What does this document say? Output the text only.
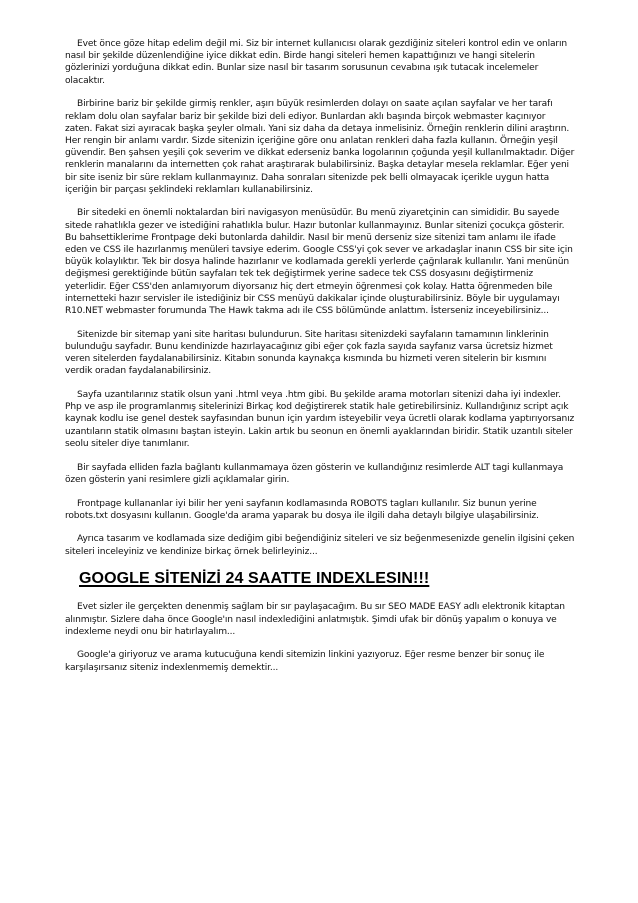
Evet önce göze hitap edelim değil mi. Siz bir internet kullanıcısı olarak gezdiğiniz siteleri kontrol edin ve onların nasıl bir şekilde düzenlendiğine iyice dikkat edin. Birde hangi siteleri hemen kapattığınızı ve hangi sitelerin gözlerinizi yorduğuna dikkat edin. Bunlar size nasıl bir tasarım sorusunun cevabına ışık tutacak incelemeler olacaktır.

Birbirine bariz bir şekilde girmiş renkler, aşırı büyük resimlerden dolayı on saate açılan sayfalar ve her tarafı reklam dolu olan sayfalar bariz bir şekilde bizi deli ediyor. Bunlardan aklı başında birçok webmaster kaçınıyor zaten. Fakat sizi ayıracak başka şeyler olmalı. Yani siz daha da detaya inmelisiniz. Örneğin renklerin dilini araştırın. Her rengin bir anlamı vardır. Sizde sitenizin içeriğine göre onu anlatan renkleri daha fazla kullanın. Örneğin yeşil güvendir. Ben şahsen yeşili çok severim ve dikkat ederseniz banka logolarının çoğunda yeşil kullanılmaktadır. Diğer renklerin manalarını da internetten çok rahat araştırarak bulabilirsiniz. Başka detaylar mesela reklamlar. Eğer yeni bir site iseniz bir süre reklam kullanmayınız. Daha sonraları sitenizde pek belli olmayacak içerikle uygun hatta içeriğin bir parçası şeklindeki reklamları kullanabilirsiniz.

Bir sitedeki en önemli noktalardan biri navigasyon menüsüdür. Bu menü ziyaretçinin can simididir. Bu sayede sitede rahatlıkla gezer ve istediğini rahatlıkla bulur. Hazır butonlar kullanmayınız. Bunlar sitenizi çocukça gösterir. Bu bahsettiklerime Frontpage deki butonlarda dahildir. Nasıl bir menü derseniz size sitenizi tam anlamı ile ifade eden ve CSS ile hazırlanmış menüleri tavsiye ederim. Google CSS'yi çok sever ve arkadaşlar inanın CSS bir site için büyük kolaylıktır. Tek bir dosya halinde hazırlanır ve kodlamada gerekli yerlerde çağrılarak kullanılır. Yani menünün değişmesi gerektiğinde bütün sayfaları tek tek değiştirmek yerine sadece tek CSS dosyasını değiştirmeniz yeterlidir. Eğer CSS'den anlamıyorum diyorsanız hiç dert etmeyin öğrenmesi çok kolay. Hatta öğrenmeden bile internetteki hazır servisler ile istediğiniz bir CSS menüyü dakikalar içinde oluşturabilirsiniz. Böyle bir uygulamayı R10.NET webmaster forumunda The Hawk takma adı ile CSS bölümünde anlattım. İsterseniz inceyebilirsiniz...

Sitenizde bir sitemap yani site haritası bulundurun. Site haritası sitenizdeki sayfaların tamamının linklerinin bulunduğu sayfadır. Bunu kendinizde hazırlayacağınız gibi eğer çok fazla sayıda sayfanız varsa ücretsiz hizmet veren sitelerden faydalanabilirsiniz. Kitabın sonunda kaynakça kısmında bu hizmeti veren sitelerin bir kısmını verdik oradan faydalanabilirsiniz.

Sayfa uzantılarınız statik olsun yani .html veya .htm gibi. Bu şekilde arama motorları sitenizi daha iyi indexler. Php ve asp ile programlanmış sitelerinizi Birkaç kod değiştirerek statik hale getirebilirsiniz. Kullandığınız script açık kaynak kodlu ise genel destek sayfasından bunun için yardım isteyebilir veya ücretli olarak kodlama yaptırıyorsanız uzantıların statik olmasını baştan isteyin. Lakin artık bu seonun en önemli ayaklarından biridir. Statik uzantılı siteler seolu siteler diye tanımlanır.

Bir sayfada elliden fazla bağlantı kullanmamaya özen gösterin ve kullandığınız resimlerde ALT tagi kullanmaya özen gösterin yani resimlere gizli açıklamalar girin.

Frontpage kullananlar iyi bilir her yeni sayfanın kodlamasında ROBOTS tagları kullanılır. Siz bunun yerine robots.txt dosyasını kullanın. Google'da arama yaparak bu dosya ile ilgili daha detaylı bilgiye ulaşabilirsiniz.

Ayrıca tasarım ve kodlamada size dediğim gibi beğendiğiniz siteleri ve siz beğenmesenizde genelin ilgisini çeken siteleri inceleyiniz ve kendinize birkaç örnek belirleyiniz...

GOOGLE SİTENİZİ 24 SAATTE INDEXLESIN!!!

Evet sizler ile gerçekten denenmiş sağlam bir sır paylaşacağım. Bu sır SEO MADE EASY adlı elektronik kitaptan alınmıştır. Sizlere daha önce Google'ın nasıl indexlediğini anlatmıştık. Şimdi ufak bir dönüş yapalım o konuya ve indexleme neydi onu bir hatırlayalım...

Google'a giriyoruz ve arama kutucuğuna kendi sitemizin linkini yazıyoruz. Eğer resme benzer bir sonuç ile karşılaşırsanız siteniz indexlenmemiş demektir...
